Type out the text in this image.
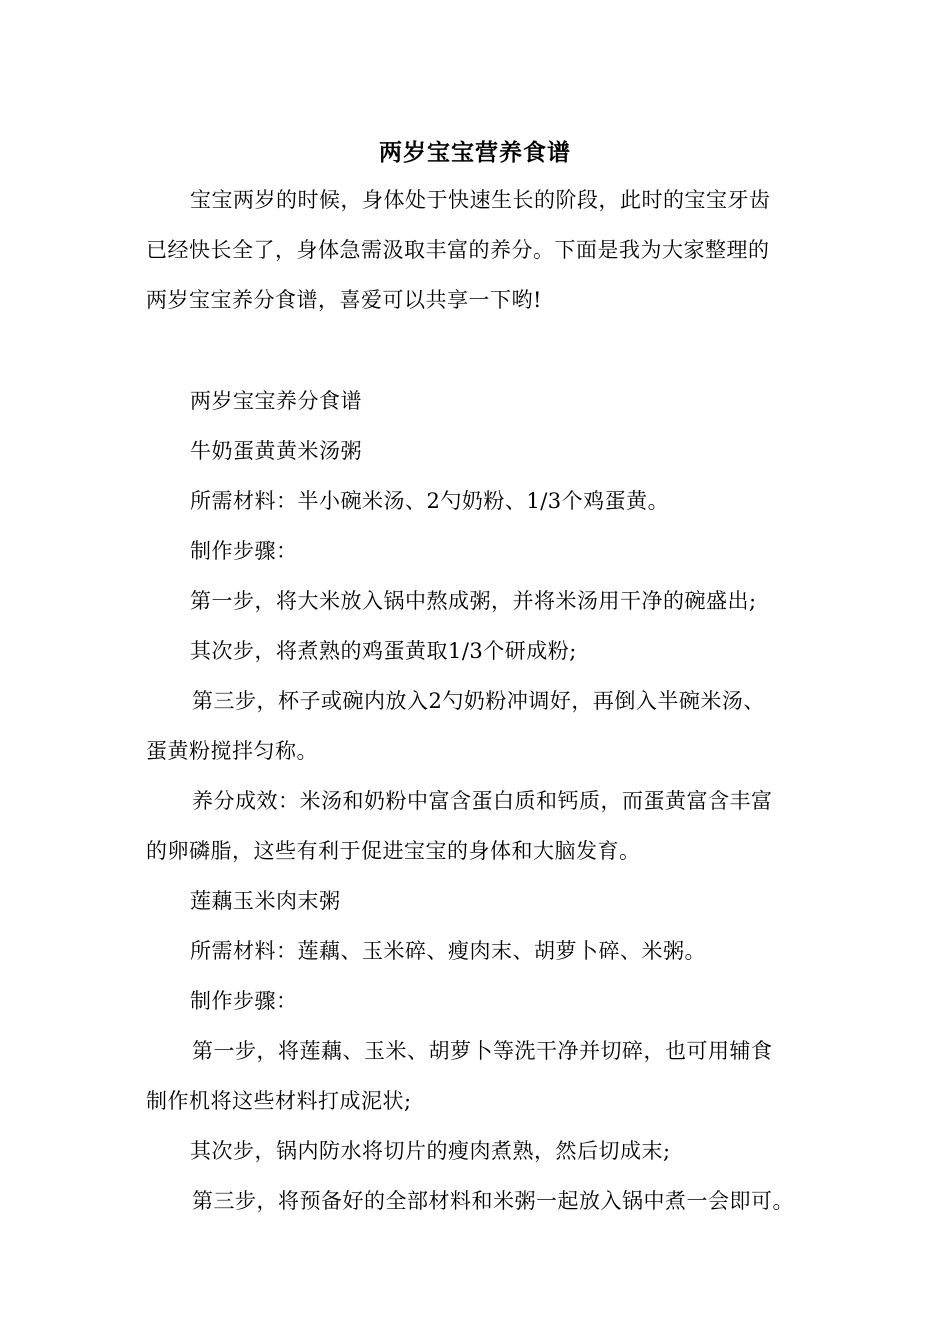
两岁宝宝营养食谱
宝宝两岁的时候，身体处于快速生长的阶段，此时的宝宝牙齿
已经快长全了，身体急需汲取丰富的养分。下面是我为大家整理的
两岁宝宝养分食谱，喜爱可以共享一下哟!
两岁宝宝养分食谱
牛奶蛋黄黄米汤粥
所需材料：半小碗米汤、2勺奶粉、1/3个鸡蛋黄。
制作步骤：
第一步，将大米放入锅中熬成粥，并将米汤用干净的碗盛出;
其次步，将煮熟的鸡蛋黄取1/3个研成粉;
第三步，杯子或碗内放入2勺奶粉冲调好，再倒入半碗米汤、
蛋黄粉搅拌匀称。
养分成效：米汤和奶粉中富含蛋白质和钙质，而蛋黄富含丰富
的卵磷脂，这些有利于促进宝宝的身体和大脑发育。
莲藕玉米肉末粥
所需材料：莲藕、玉米碎、瘦肉末、胡萝卜碎、米粥。
制作步骤：
第一步，将莲藕、玉米、胡萝卜等洗干净并切碎，也可用辅食
制作机将这些材料打成泥状;
其次步，锅内防水将切片的瘦肉煮熟，然后切成末;
第三步，将预备好的全部材料和米粥一起放入锅中煮一会即可。
